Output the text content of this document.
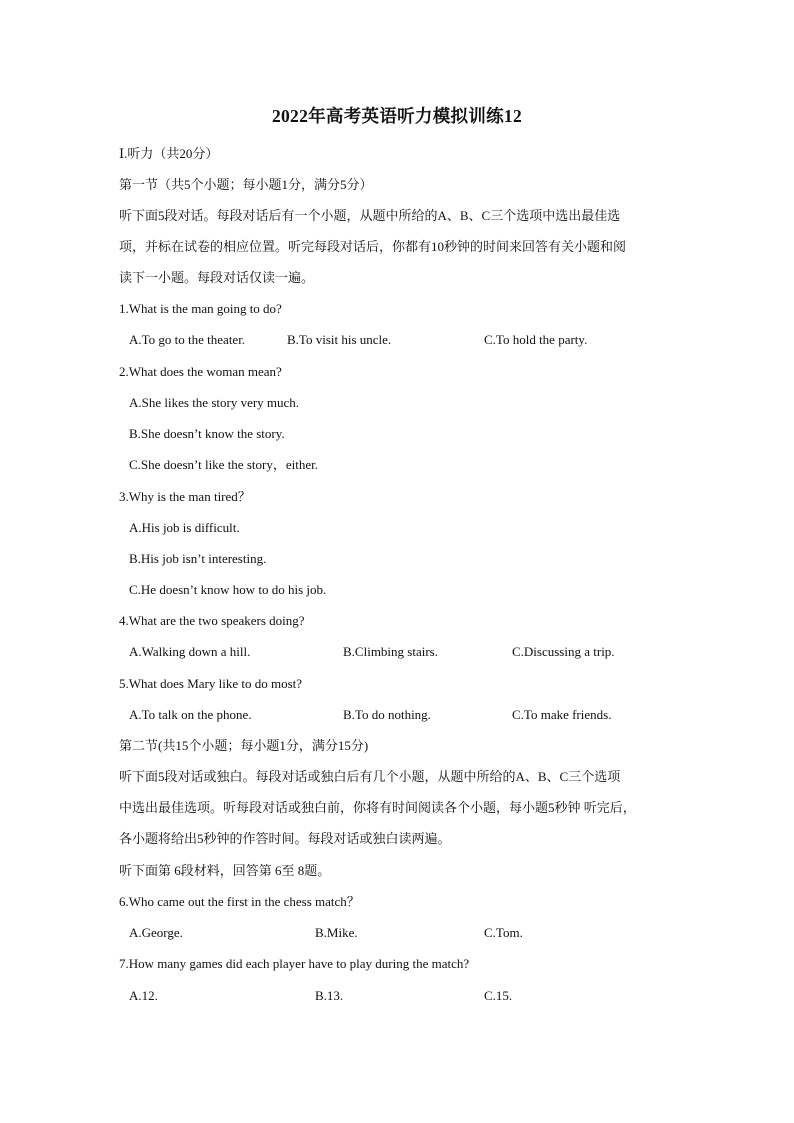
2022年高考英语听力模拟训练12
Ⅰ.听力（共20分）
第一节（共5个小题；每小题1分，满分5分）
听下面5段对话。每段对话后有一个小题，从题中所给的A、B、C三个选项中选出最佳选
项，并标在试卷的相应位置。听完每段对话后，你都有10秒钟的时间来回答有关小题和阅
读下一小题。每段对话仅读一遍。
1.What is the man going to do?
A.To go to the theater.	B.To visit his uncle.	C.To hold the party.
2.What does the woman mean?
A.She likes the story very much.
B.She doesn’t know the story.
C.She doesn’t like the story，either.
3.Why is the man tired？
A.His job is difficult.
B.His job isn’t interesting.
C.He doesn’t know how to do his job.
4.What are the two speakers doing?
A.Walking down a hill.	B.Climbing stairs.	C.Discussing a trip.
5.What does Mary like to do most?
A.To talk on the phone.	B.To do nothing.	C.To make friends.
第二节(共15个小题；每小题1分，满分15分)
听下面5段对话或独白。每段对话或独白后有几个小题，从题中所给的A、B、C三个选项
中选出最佳选项。听每段对话或独白前，你将有时间阅读各个小题，每小题5秒钟 听完后，
各小题将给出5秒钟的作答时间。每段对话或独白读两遍。
听下面第 6段材料，回答第 6至 8题。
6.Who came out the first in the chess match？
A.George.	B.Mike.	C.Tom.
7.How many games did each player have to play during the match?
A.12.	B.13.	C.15.
